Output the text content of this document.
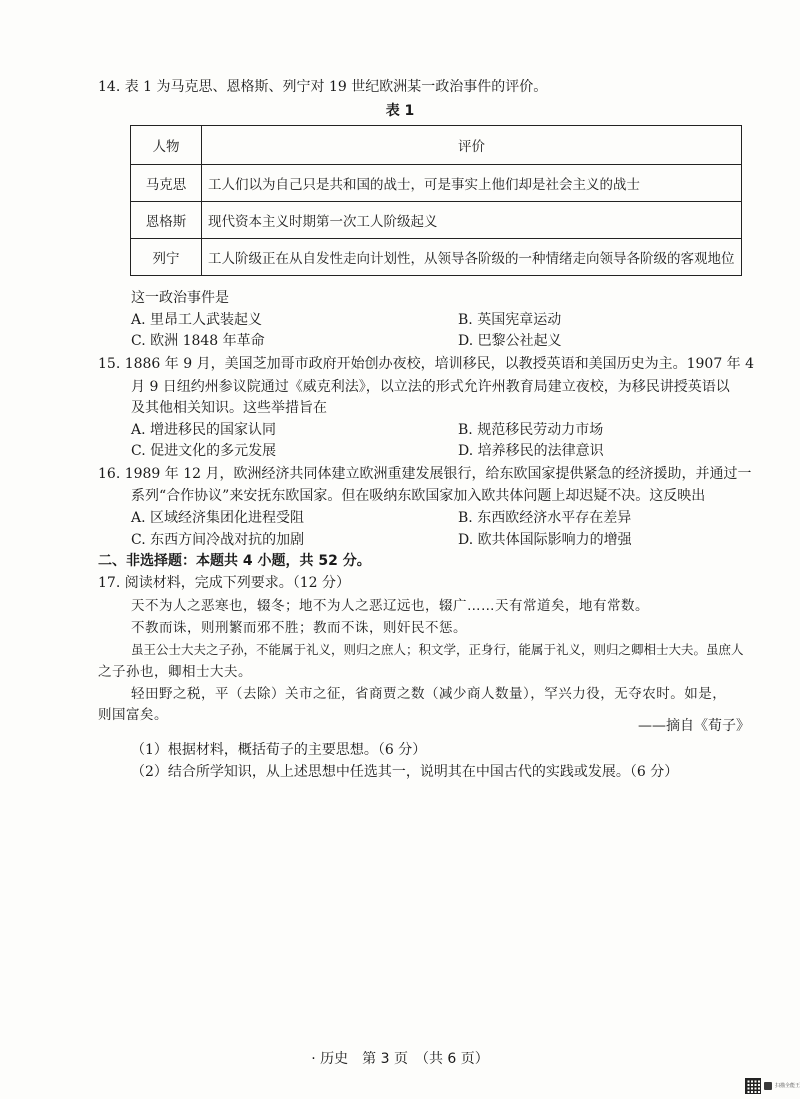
14. 表 1 为马克思、恩格斯、列宁对 19 世纪欧洲某一政治事件的评价。
表 1
人物	评价
马克思	工人们以为自己只是共和国的战士，可是事实上他们却是社会主义的战士
恩格斯	现代资本主义时期第一次工人阶级起义
列宁	工人阶级正在从自发性走向计划性，从领导各阶级的一种情绪走向领导各阶级的客观地位
这一政治事件是
A. 里昂工人武装起义	B. 英国宪章运动
C. 欧洲 1848 年革命	D. 巴黎公社起义
15. 1886 年 9 月，美国芝加哥市政府开始创办夜校，培训移民，以教授英语和美国历史为主。1907 年 4
月 9 日纽约州参议院通过《威克利法》，以立法的形式允许州教育局建立夜校，为移民讲授英语以
及其他相关知识。这些举措旨在
A. 增进移民的国家认同	B. 规范移民劳动力市场
C. 促进文化的多元发展	D. 培养移民的法律意识
16. 1989 年 12 月，欧洲经济共同体建立欧洲重建发展银行，给东欧国家提供紧急的经济援助，并通过一
系列“合作协议”来安抚东欧国家。但在吸纳东欧国家加入欧共体问题上却迟疑不决。这反映出
A. 区域经济集团化进程受阻	B. 东西欧经济水平存在差异
C. 东西方间冷战对抗的加剧	D. 欧共体国际影响力的增强
二、非选择题：本题共 4 小题，共 52 分。
17. 阅读材料，完成下列要求。（12 分）
天不为人之恶寒也，辍冬；地不为人之恶辽远也，辍广……天有常道矣，地有常数。
不教而诛，则刑繁而邪不胜；教而不诛，则奸民不惩。
虽王公士大夫之子孙，不能属于礼义，则归之庶人；积文学，正身行，能属于礼义，则归之卿相士大夫。虽庶人
之子孙也，卿相士大夫。
轻田野之税，平（去除）关市之征，省商贾之数（减少商人数量），罕兴力役，无夺农时。如是，
则国富矣。
——摘自《荀子》
（1）根据材料，概括荀子的主要思想。（6 分）
（2）结合所学知识，从上述思想中任选其一，说明其在中国古代的实践或发展。（6 分）
· 历史　第 3 页　（共 6 页）
扫描全能王
